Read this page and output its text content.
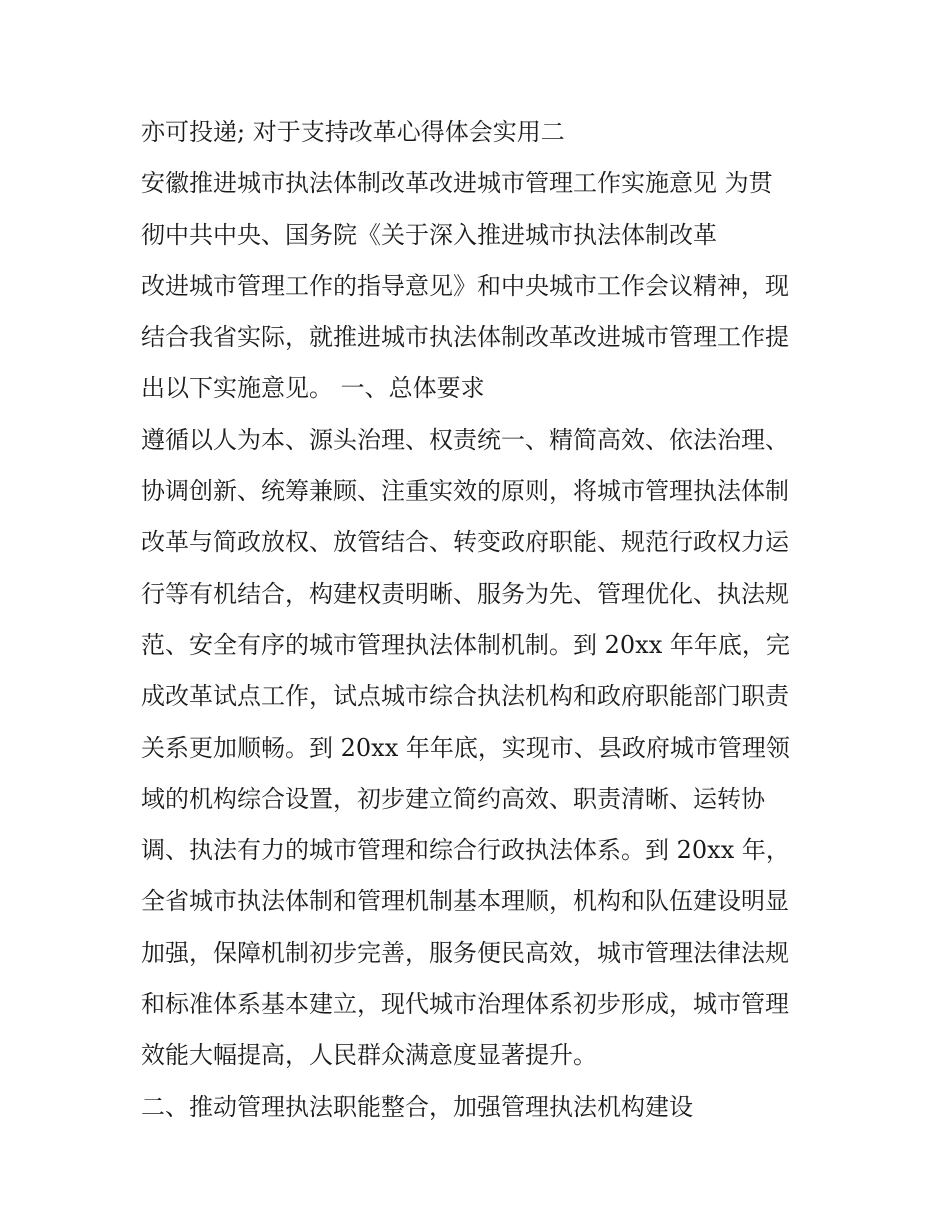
亦可投递; 对于支持改革心得体会实用二
安徽推进城市执法体制改革改进城市管理工作实施意见 为贯
彻中共中央、国务院《关于深入推进城市执法体制改革
改进城市管理工作的指导意见》和中央城市工作会议精神，现
结合我省实际，就推进城市执法体制改革改进城市管理工作提
出以下实施意见。 一、总体要求
遵循以人为本、源头治理、权责统一、精简高效、依法治理、
协调创新、统筹兼顾、注重实效的原则，将城市管理执法体制
改革与简政放权、放管结合、转变政府职能、规范行政权力运
行等有机结合，构建权责明晰、服务为先、管理优化、执法规
范、安全有序的城市管理执法体制机制。到 20xx 年年底，完
成改革试点工作，试点城市综合执法机构和政府职能部门职责
关系更加顺畅。到 20xx 年年底，实现市、县政府城市管理领
域的机构综合设置，初步建立简约高效、职责清晰、运转协
调、执法有力的城市管理和综合行政执法体系。到 20xx 年，
全省城市执法体制和管理机制基本理顺，机构和队伍建设明显
加强，保障机制初步完善，服务便民高效，城市管理法律法规
和标准体系基本建立，现代城市治理体系初步形成，城市管理
效能大幅提高，人民群众满意度显著提升。
二、推动管理执法职能整合，加强管理执法机构建设
